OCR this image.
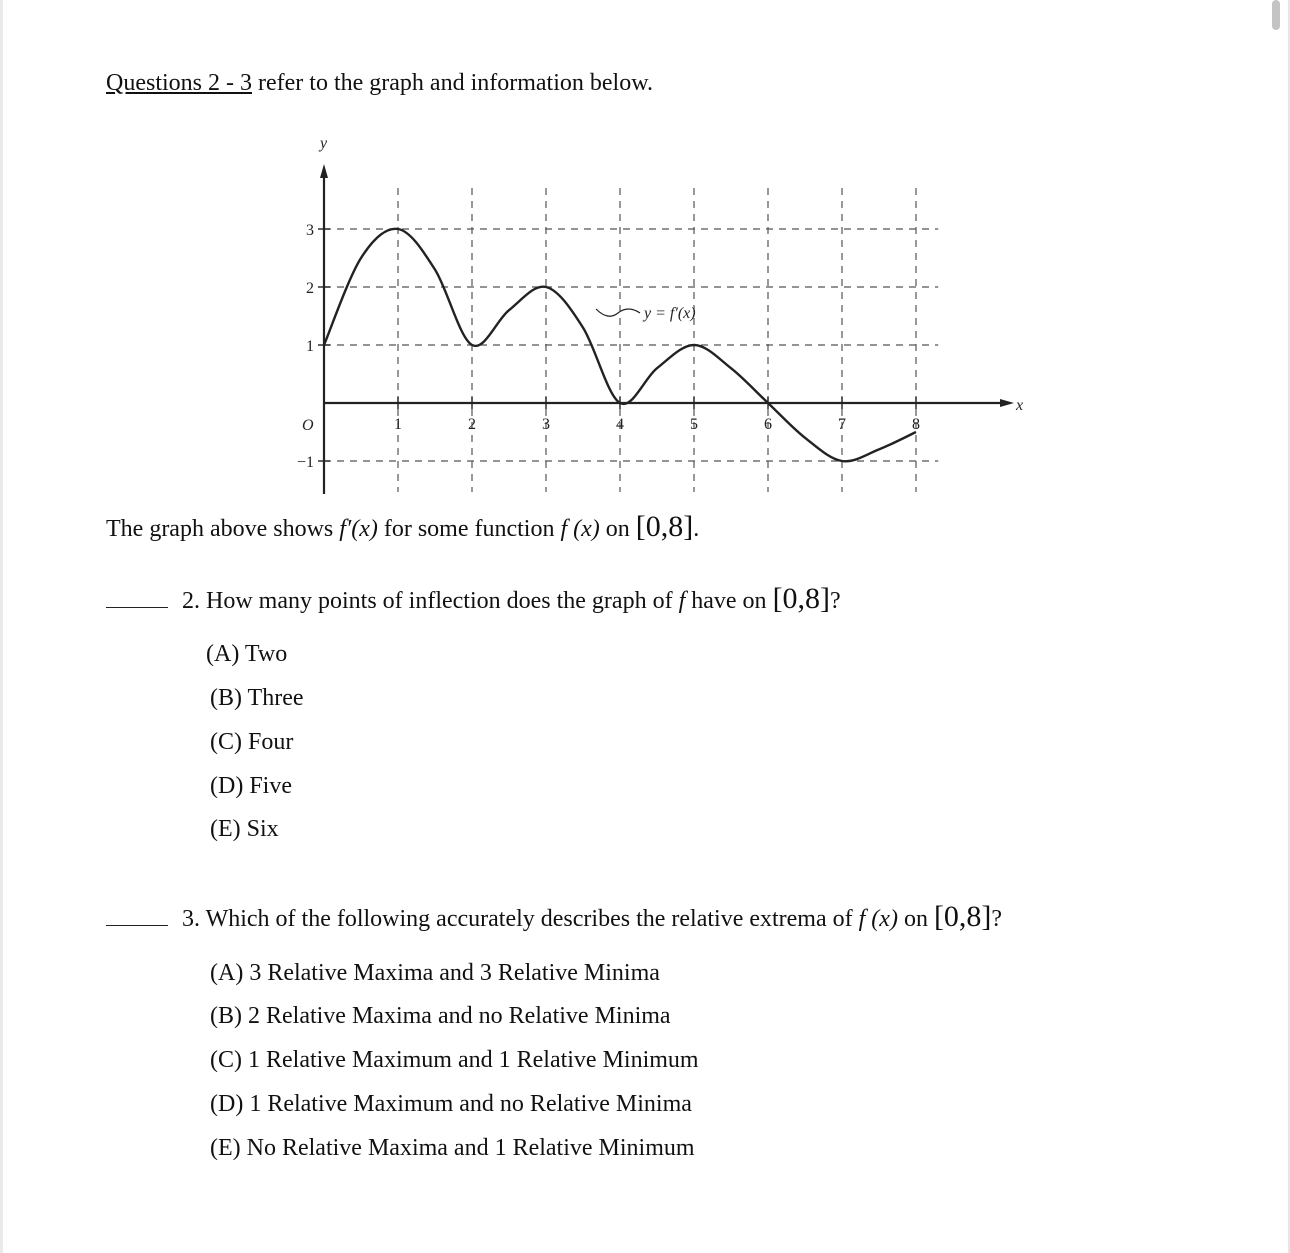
Questions 2 - 3 refer to the graph and information below.
3
2
1
−1
1	2	3	4	5	6	7	8
y = f′(x)
y
x
O
The graph above shows f′(x) for some function f (x) on [0,8].
2. How many points of inflection does the graph of f have on [0,8]?
(A) Two
(B) Three
(C) Four
(D) Five
(E) Six
3. Which of the following accurately describes the relative extrema of f (x) on [0,8]?
(A) 3 Relative Maxima and 3 Relative Minima
(B) 2 Relative Maxima and no Relative Minima
(C) 1 Relative Maximum and 1 Relative Minimum
(D) 1 Relative Maximum and no Relative Minima
(E) No Relative Maxima and 1 Relative Minimum
